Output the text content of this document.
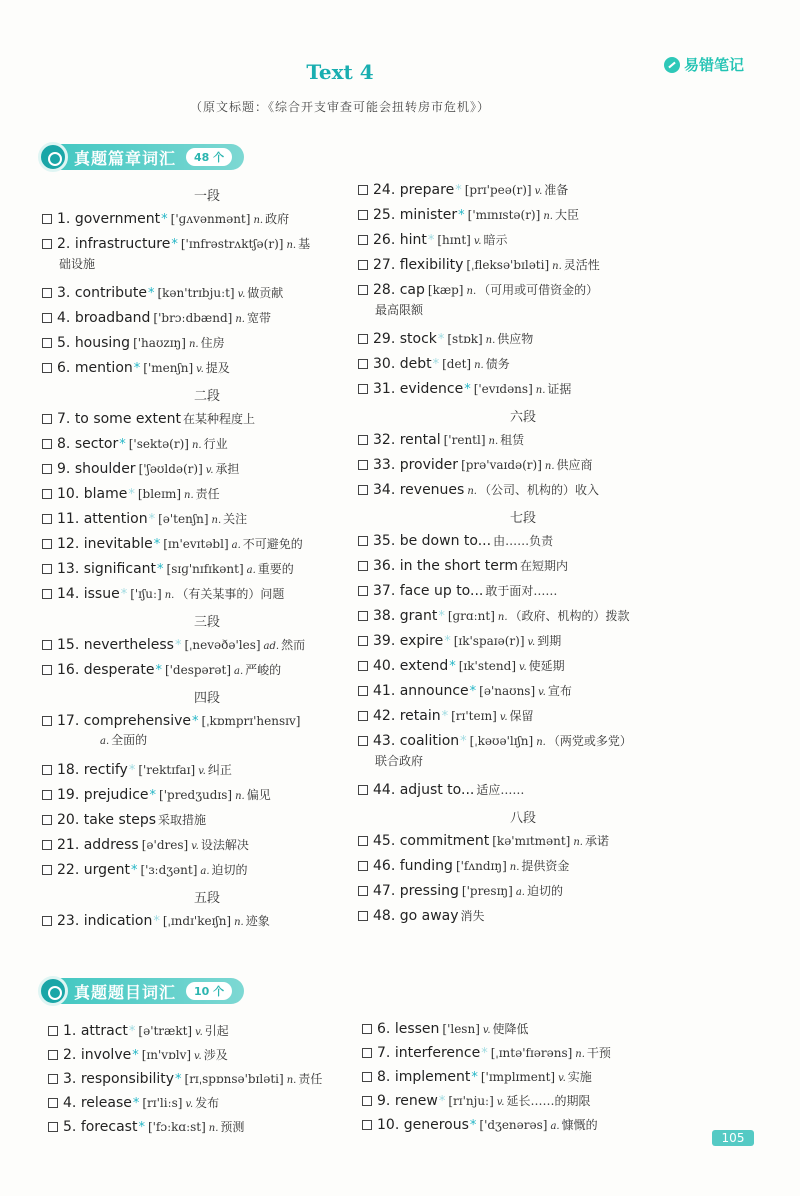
易错笔记
Text 4
（原文标题：《综合开支审查可能会扭转房市危机》）
真题篇章词汇	48 个
一段
1. government* ['ɡʌvənmənt] n. 政府
2. infrastructure* ['ɪnfrəstrʌktʃə(r)] n. 基
础设施
3. contribute* [kən'trɪbjuːt] v. 做贡献
4. broadband ['brɔːdbænd] n. 宽带
5. housing ['haʊzɪŋ] n. 住房
6. mention* ['menʃn] v. 提及
二段
7. to some extent 在某种程度上
8. sector* ['sektə(r)] n. 行业
9. shoulder ['ʃəʊldə(r)] v. 承担
10. blame* [bleɪm] n. 责任
11. attention* [ə'tenʃn] n. 关注
12. inevitable* [ɪn'evɪtəbl] a. 不可避免的
13. significant* [sɪɡ'nɪfɪkənt] a. 重要的
14. issue* ['ɪʃuː] n. （有关某事的）问题
三段
15. nevertheless* [ˌnevəðə'les] ad. 然而
16. desperate* ['despərət] a. 严峻的
四段
17. comprehensive* [ˌkɒmprɪ'hensɪv]
a. 全面的
18. rectify* ['rektɪfaɪ] v. 纠正
19. prejudice* ['predʒudɪs] n. 偏见
20. take steps 采取措施
21. address [ə'dres] v. 设法解决
22. urgent* ['ɜːdʒənt] a. 迫切的
五段
23. indication* [ˌɪndɪ'keɪʃn] n. 迹象
24. prepare* [prɪ'peə(r)] v. 准备
25. minister* ['mɪnɪstə(r)] n. 大臣
26. hint* [hɪnt] v. 暗示
27. flexibility [ˌfleksə'bɪləti] n. 灵活性
28. cap [kæp] n. （可用或可借资金的）
最高限额
29. stock* [stɒk] n. 供应物
30. debt* [det] n. 债务
31. evidence* ['evɪdəns] n. 证据
六段
32. rental ['rentl] n. 租赁
33. provider [prə'vaɪdə(r)] n. 供应商
34. revenues n. （公司、机构的）收入
七段
35. be down to... 由……负责
36. in the short term 在短期内
37. face up to... 敢于面对……
38. grant* [ɡrɑːnt] n. （政府、机构的）拨款
39. expire* [ɪk'spaɪə(r)] v. 到期
40. extend* [ɪk'stend] v. 使延期
41. announce* [ə'naʊns] v. 宣布
42. retain* [rɪ'teɪn] v. 保留
43. coalition* [ˌkəʊə'lɪʃn] n. （两党或多党）
联合政府
44. adjust to... 适应……
八段
45. commitment [kə'mɪtmənt] n. 承诺
46. funding ['fʌndɪŋ] n. 提供资金
47. pressing ['presɪŋ] a. 迫切的
48. go away 消失
真题题目词汇	10 个
1. attract* [ə'trækt] v. 引起
2. involve* [ɪn'vɒlv] v. 涉及
3. responsibility* [rɪˌspɒnsə'bɪləti] n. 责任
4. release* [rɪ'liːs] v. 发布
5. forecast* ['fɔːkɑːst] n. 预测
6. lessen ['lesn] v. 使降低
7. interference* [ˌɪntə'fɪərəns] n. 干预
8. implement* ['ɪmplɪment] v. 实施
9. renew* [rɪ'njuː] v. 延长……的期限
10. generous* ['dʒenərəs] a. 慷慨的
105
